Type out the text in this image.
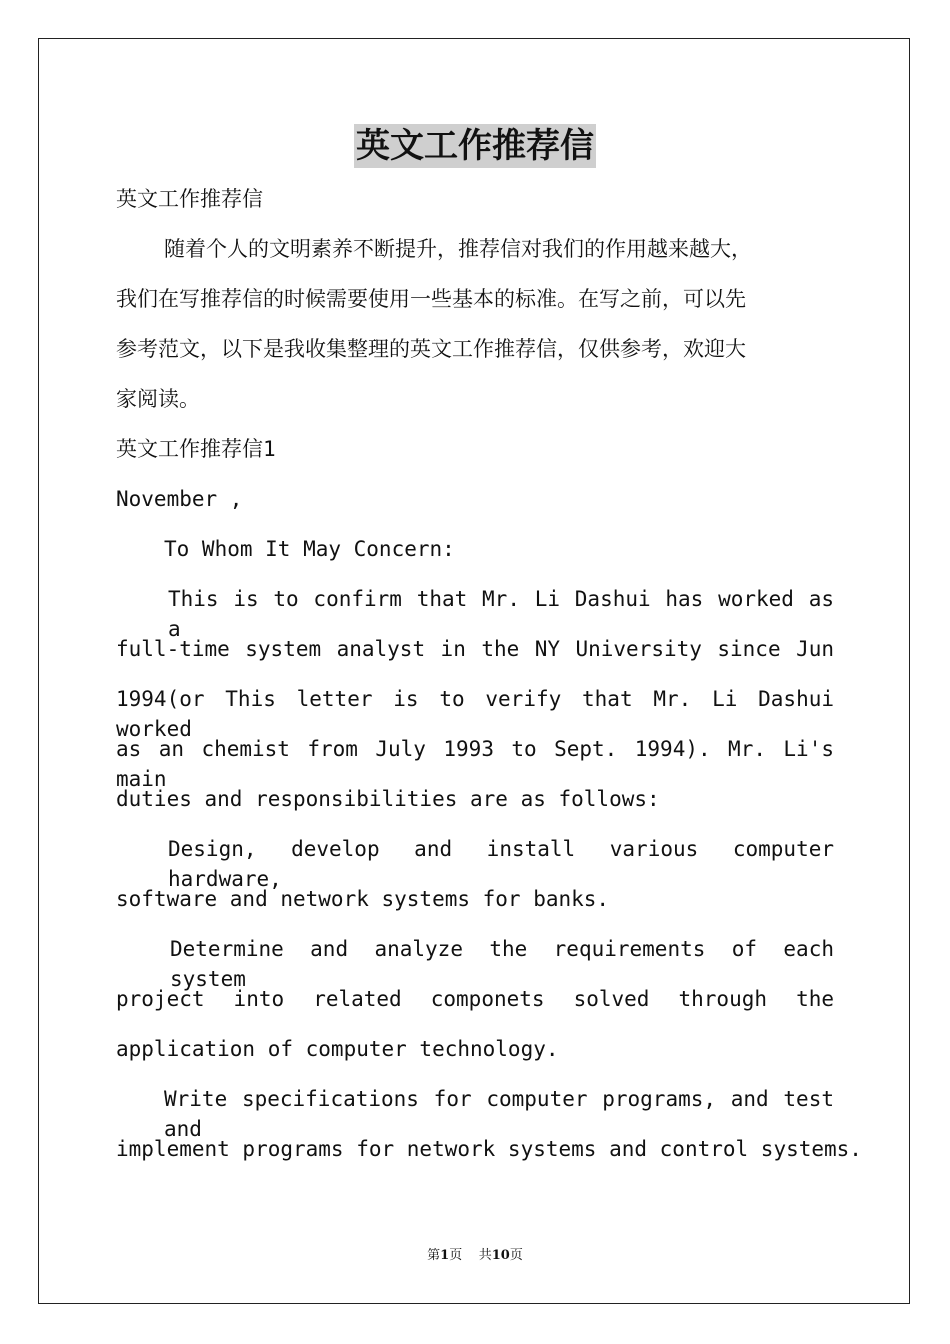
英文工作推荐信
英文工作推荐信
随着个人的文明素养不断提升，推荐信对我们的作用越来越大，
我们在写推荐信的时候需要使用一些基本的标准。在写之前，可以先
参考范文，以下是我收集整理的英文工作推荐信，仅供参考，欢迎大
家阅读。
英文工作推荐信1
November ,
To Whom It May Concern:
This is to confirm that Mr. Li Dashui has worked as a
full-time system analyst in the NY University since Jun
1994(or This letter is to verify that Mr. Li Dashui worked
as an chemist from July 1993 to Sept. 1994). Mr. Li's main
duties and responsibilities are as follows:
Design, develop and install various computer hardware,
software and network systems for banks.
Determine and analyze the requirements of each system
project into related componets solved through the
application of computer technology.
Write specifications for computer programs, and test and
implement programs for network systems and control systems.
第1页 共10页
